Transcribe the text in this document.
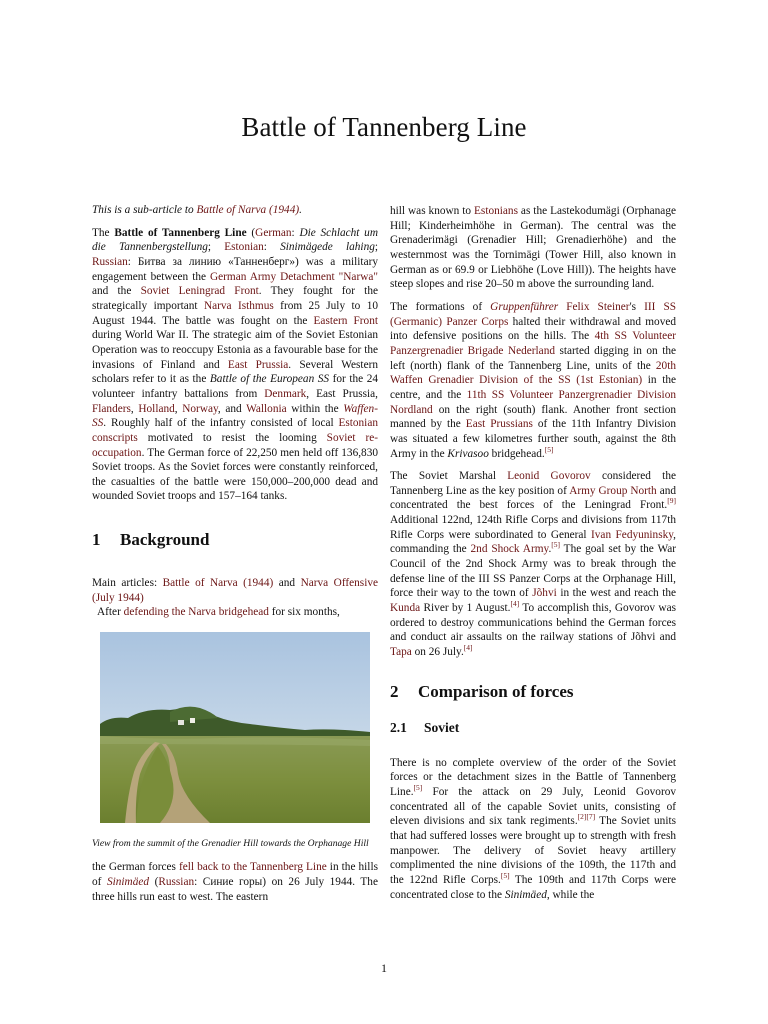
Battle of Tannenberg Line

This is a sub-article to Battle of Narva (1944).

The Battle of Tannenberg Line (German: Die Schlacht um die Tannenbergstellung; Estonian: Sinimägede lahing; Russian: Битва за линию «Танненберг») was a military engagement between the German Army Detachment "Narwa" and the Soviet Leningrad Front. They fought for the strategically important Narva Isthmus from 25 July to 10 August 1944. The battle was fought on the Eastern Front during World War II. The strategic aim of the Soviet Estonian Operation was to reoccupy Estonia as a favourable base for the invasions of Finland and East Prussia. Several Western scholars refer to it as the Battle of the European SS for the 24 volunteer infantry battalions from Denmark, East Prussia, Flanders, Holland, Norway, and Wallonia within the Waffen-SS. Roughly half of the infantry consisted of local Estonian conscripts motivated to resist the looming Soviet re-occupation. The German force of 22,250 men held off 136,830 Soviet troops. As the Soviet forces were constantly reinforced, the casualties of the battle were 150,000–200,000 dead and wounded Soviet troops and 157–164 tanks.

1 Background

Main articles: Battle of Narva (1944) and Narva Offensive (July 1944)

After defending the Narva bridgehead for six months,

View from the summit of the Grenadier Hill towards the Orphanage Hill

the German forces fell back to the Tannenberg Line in the hills of Sinimäed (Russian: Синие горы) on 26 July 1944. The three hills run east to west. The eastern

hill was known to Estonians as the Lastekodumägi (Orphanage Hill; Kinderheimhöhe in German). The central was the Grenaderimägi (Grenadier Hill; Grenadierhöhe) and the westernmost was the Tornimägi (Tower Hill, also known in German as or 69.9 or Liebhöhe (Love Hill)). The heights have steep slopes and rise 20–50 m above the surrounding land.

The formations of Gruppenführer Felix Steiner's III SS (Germanic) Panzer Corps halted their withdrawal and moved into defensive positions on the hills. The 4th SS Volunteer Panzergrenadier Brigade Nederland started digging in on the left (north) flank of the Tannenberg Line, units of the 20th Waffen Grenadier Division of the SS (1st Estonian) in the centre, and the 11th SS Volunteer Panzergrenadier Division Nordland on the right (south) flank. Another front section manned by the East Prussians of the 11th Infantry Division was situated a few kilometres further south, against the 8th Army in the Krivasoo bridgehead.[5]

The Soviet Marshal Leonid Govorov considered the Tannenberg Line as the key position of Army Group North and concentrated the best forces of the Leningrad Front.[9] Additional 122nd, 124th Rifle Corps and divisions from 117th Rifle Corps were subordinated to General Ivan Fedyuninsky, commanding the 2nd Shock Army.[5] The goal set by the War Council of the 2nd Shock Army was to break through the defense line of the III SS Panzer Corps at the Orphanage Hill, force their way to the town of Jõhvi in the west and reach the Kunda River by 1 August.[4] To accomplish this, Govorov was ordered to destroy communications behind the German forces and conduct air assaults on the railway stations of Jõhvi and Tapa on 26 July.[4]

2 Comparison of forces
2.1 Soviet

There is no complete overview of the order of the Soviet forces or the detachment sizes in the Battle of Tannenberg Line.[5] For the attack on 29 July, Leonid Govorov concentrated all of the capable Soviet units, consisting of eleven divisions and six tank regiments.[2][7] The Soviet units that had suffered losses were brought up to strength with fresh manpower. The delivery of Soviet heavy artillery complimented the nine divisions of the 109th, the 117th and the 122nd Rifle Corps.[5] The 109th and 117th Corps were concentrated close to the Sinimäed, while the

1
